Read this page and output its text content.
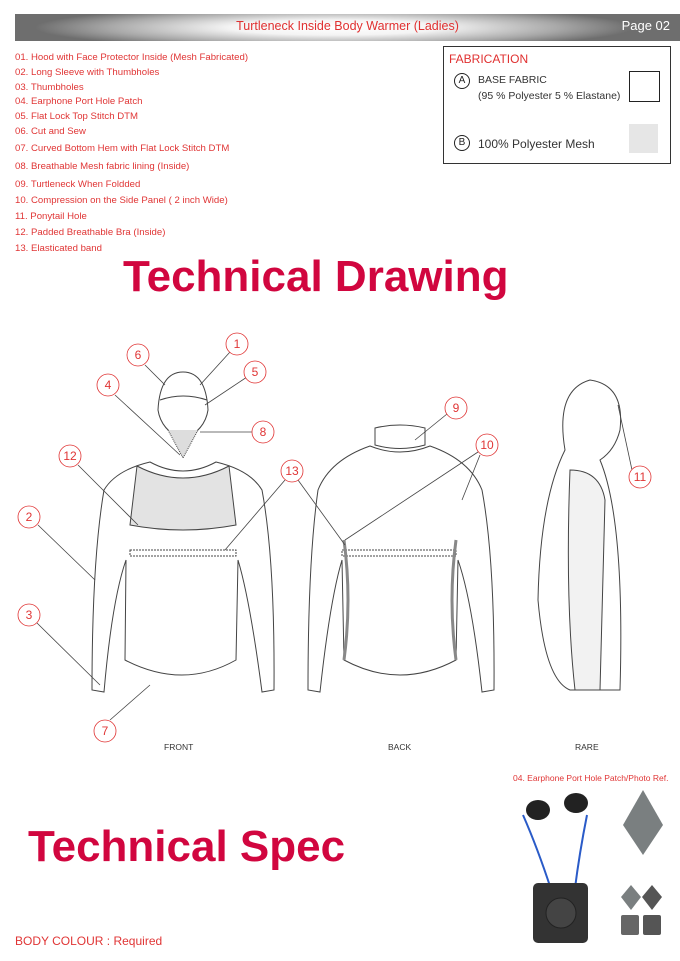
Turtleneck Inside Body Warmer (Ladies)	Page 02
01. Hood with Face Protector Inside (Mesh Fabricated)
02. Long Sleeve with Thumbholes
03. Thumbholes
04. Earphone Port Hole Patch
05. Flat Lock Top Stitch DTM
06. Cut and Sew
07. Curved Bottom Hem with Flat Lock Stitch DTM
08. Breathable Mesh fabric lining (Inside)
09. Turtleneck When Foldded
10. Compression on the Side Panel ( 2 inch Wide)
11. Ponytail Hole
12. Padded Breathable Bra (Inside)
13. Elasticated band
FABRICATION
A	BASE FABRIC
(95 % Polyester 5 % Elastane)
B	100% Polyester Mesh
Technical Drawing
1
2
3
4
5
6
7
8
9
10
11
12
13
FRONT	BACK	RARE
Technical Spec
04. Earphone Port Hole Patch/Photo Ref.
BODY COLOUR : Required
